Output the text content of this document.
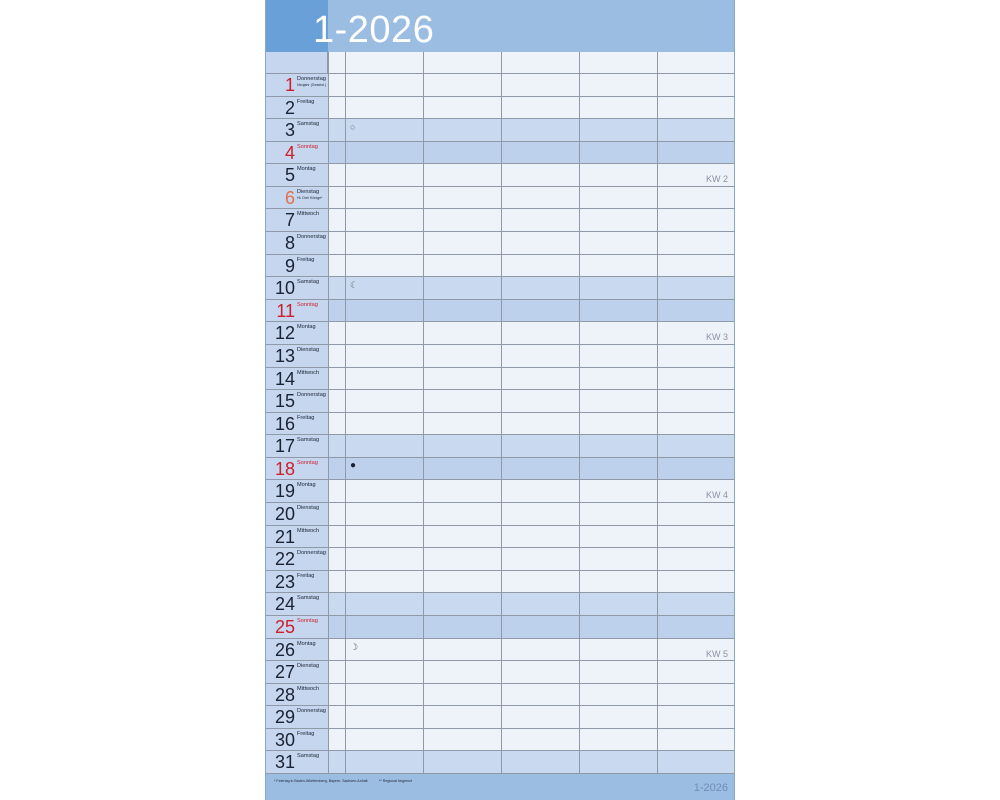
1-2026
1 Donnerstag
Neujahr (Gesetzl.)
2 Freitag
3 Samstag	○
4 Sonntag
5 Montag
KW 2
6 Dienstag
Hl. Drei Könige*
7 Mittwoch
8 Donnerstag
9 Freitag
10 Samstag	☾
11 Sonntag
12 Montag
KW 3
13 Dienstag
14 Mittwoch
15 Donnerstag
16 Freitag
17 Samstag
18 Sonntag	●
19 Montag
KW 4
20 Dienstag
21 Mittwoch
22 Donnerstag
23 Freitag
24 Samstag
25 Sonntag
26 Montag	☽
KW 5
27 Dienstag
28 Mittwoch
29 Donnerstag
30 Freitag
31 Samstag
* Feiertag in Baden-Württemberg, Bayern, Sachsen-Anhalt	** Regional begrenzt
1-2026
